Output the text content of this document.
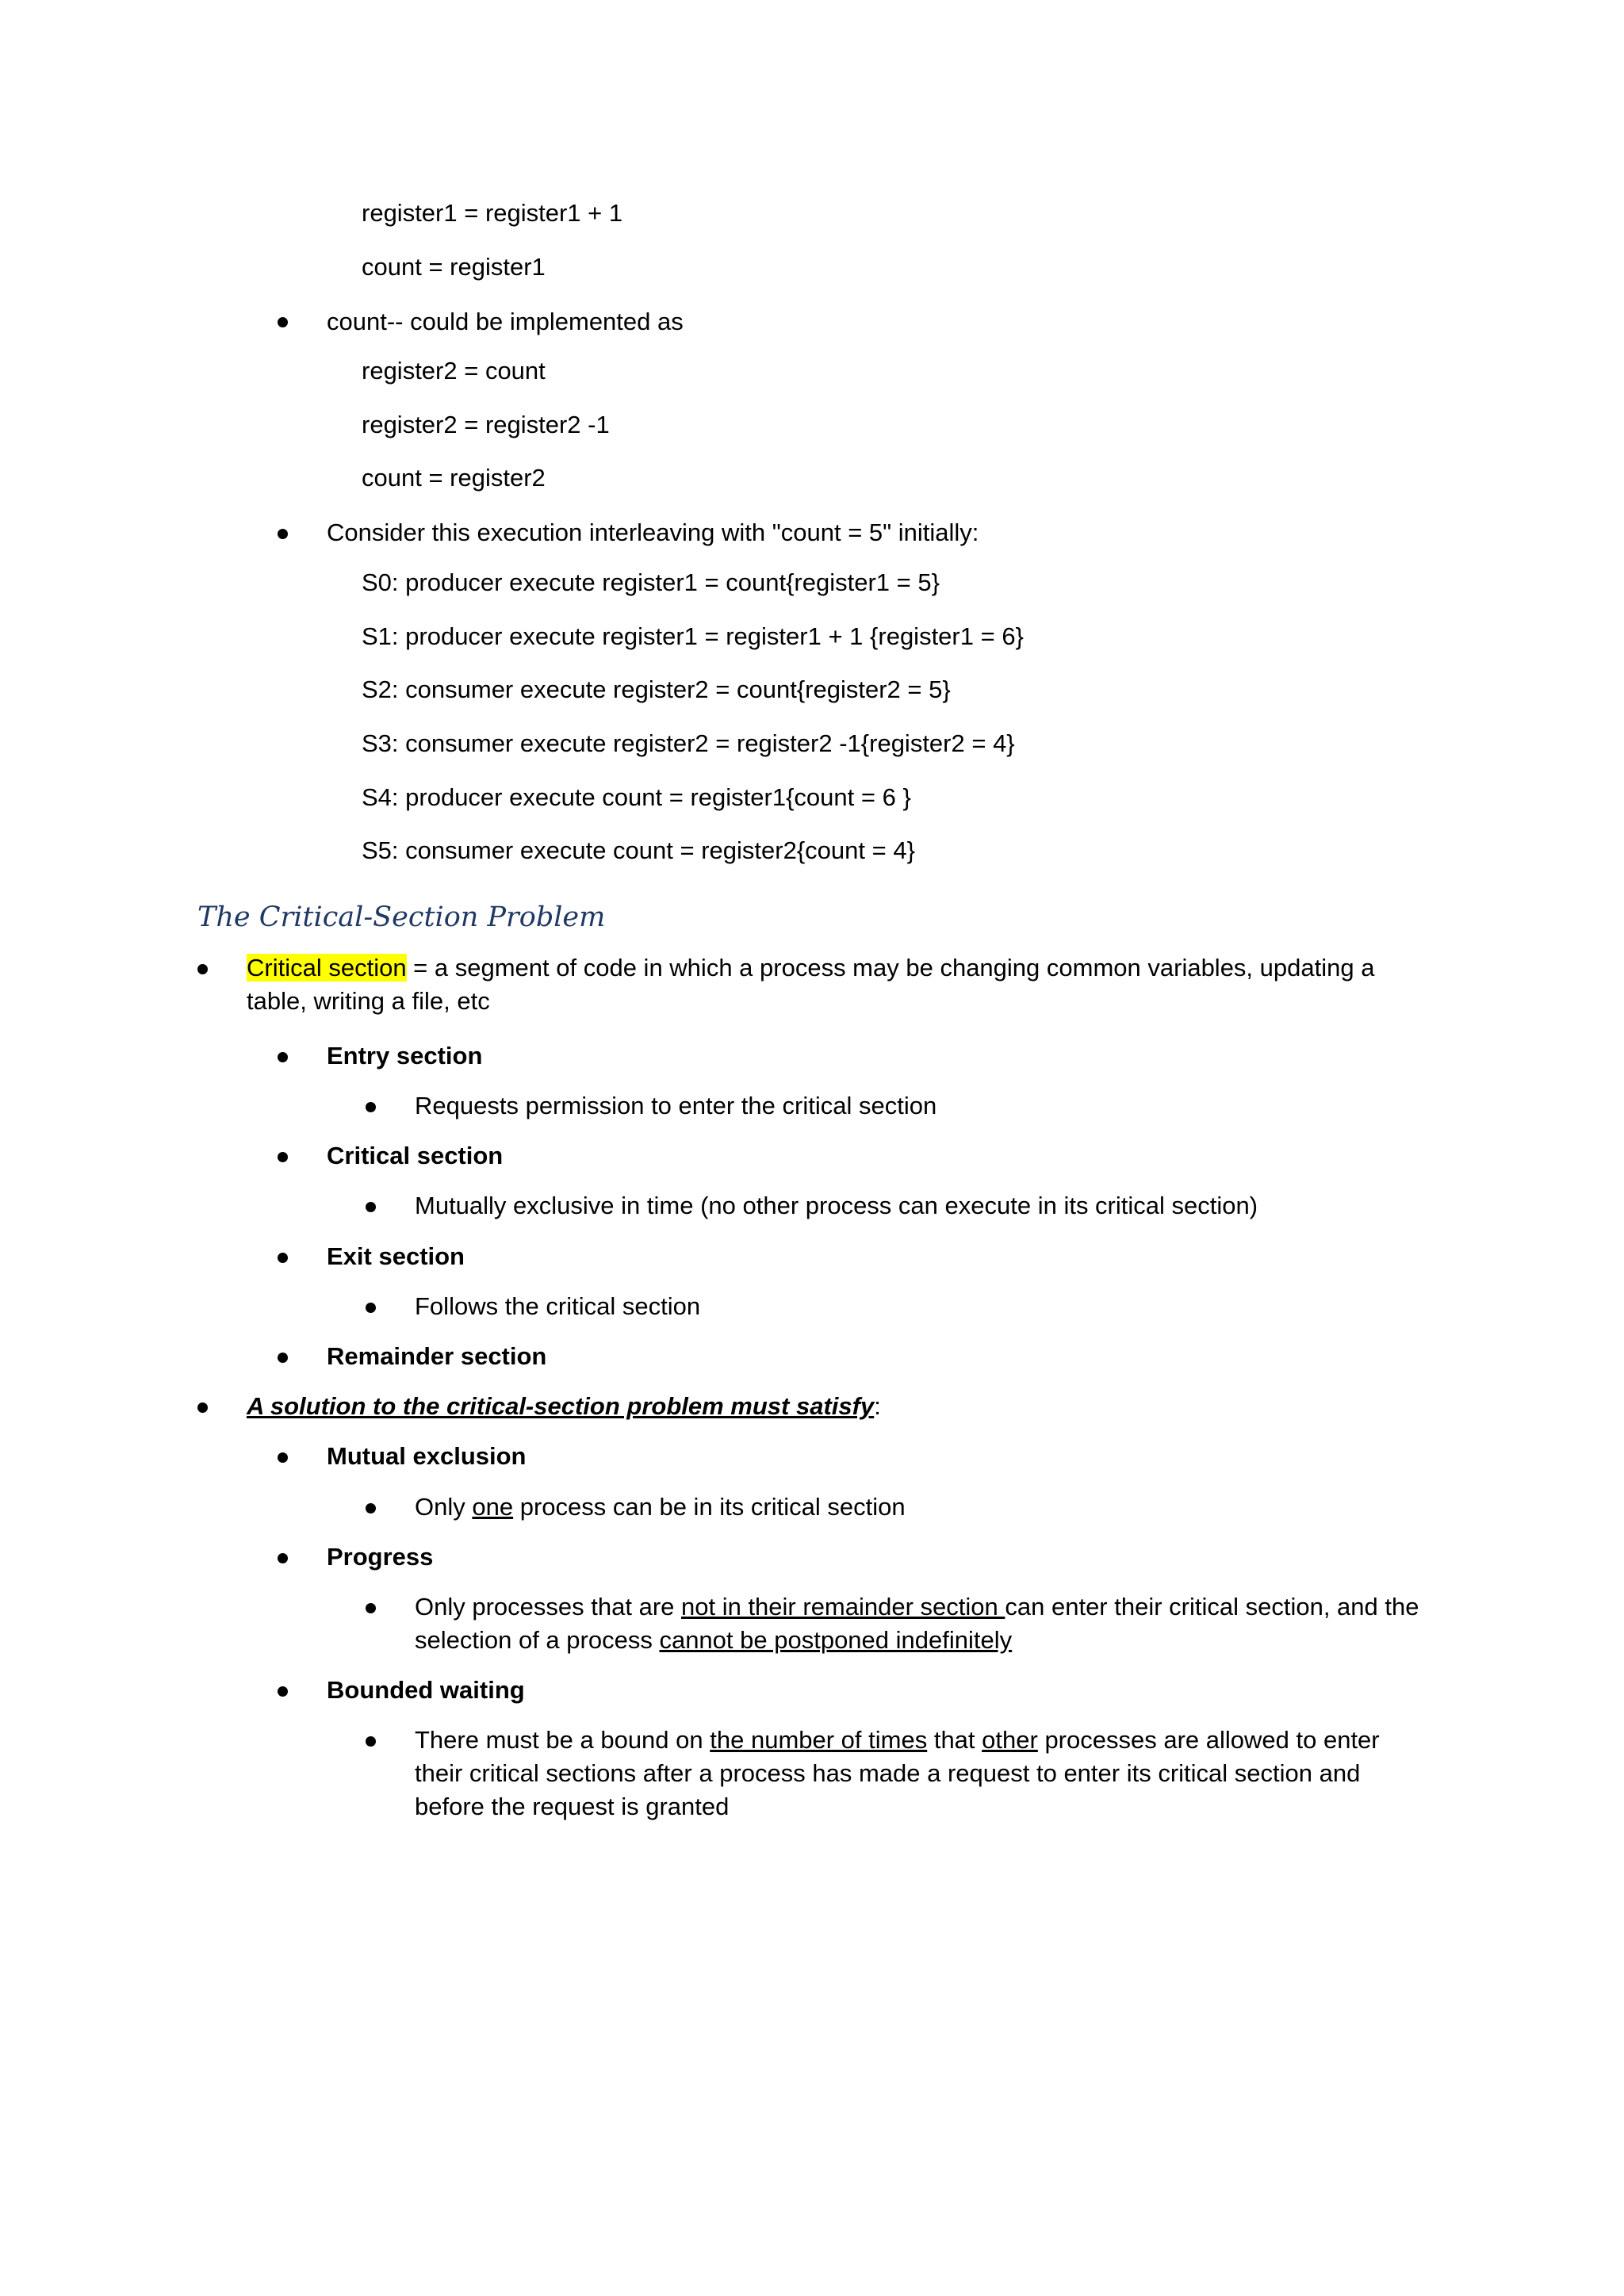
register1 = register1 + 1
count = register1
count-- could be implemented as
register2 = count
register2 = register2 -1
count = register2
Consider this execution interleaving with "count = 5" initially:
S0: producer execute register1 = count{register1 = 5}
S1: producer execute register1 = register1 + 1 {register1 = 6}
S2: consumer execute register2 = count{register2 = 5}
S3: consumer execute register2 = register2 -1{register2 = 4}
S4: producer execute count = register1{count = 6 }
S5: consumer execute count = register2{count = 4}
The Critical-Section Problem
Critical section = a segment of code in which a process may be changing common variables, updating a table, writing a file, etc
Entry section
Requests permission to enter the critical section
Critical section
Mutually exclusive in time (no other process can execute in its critical section)
Exit section
Follows the critical section
Remainder section
A solution to the critical-section problem must satisfy:
Mutual exclusion
Only one process can be in its critical section
Progress
Only processes that are not in their remainder section can enter their critical section, and the selection of a process cannot be postponed indefinitely
Bounded waiting
There must be a bound on the number of times that other processes are allowed to enter their critical sections after a process has made a request to enter its critical section and before the request is granted
